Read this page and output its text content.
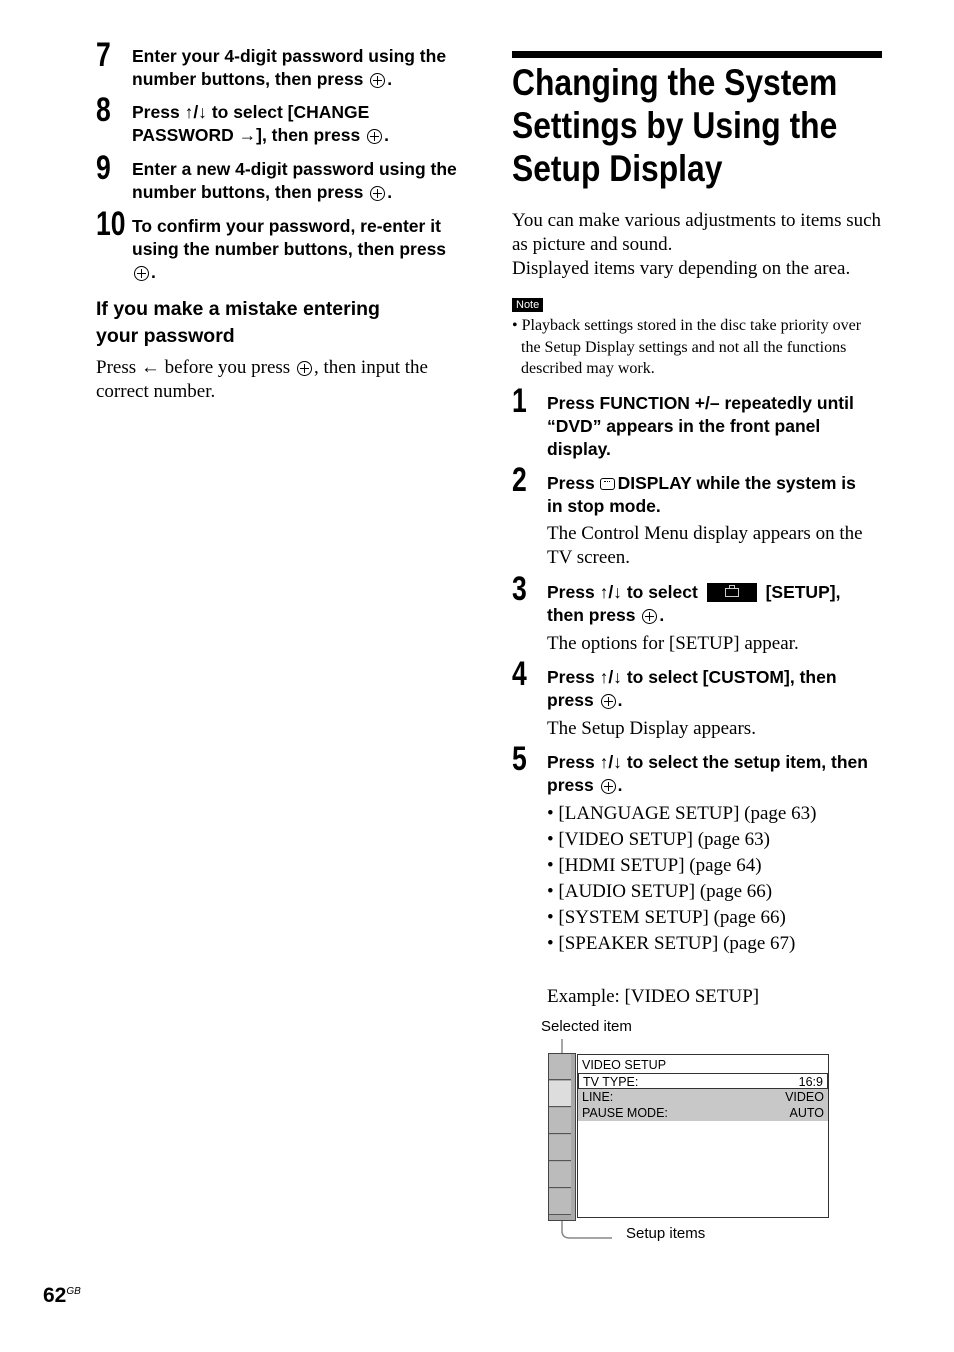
7 Enter your 4-digit password using the
number buttons, then press .
8 Press ↑/↓ to select [CHANGE
PASSWORD →], then press .
9 Enter a new 4-digit password using the
number buttons, then press .
10 To confirm your password, re-enter it
using the number buttons, then press
.
If you make a mistake entering
your password
Press ← before you press , then input the
correct number.
Changing the System
Settings by Using the
Setup Display
You can make various adjustments to items such
as picture and sound.
Displayed items vary depending on the area.
Note
• Playback settings stored in the disc take priority over
the Setup Display settings and not all the functions
described may work.
1 Press FUNCTION +/– repeatedly until
“DVD” appears in the front panel
display.
2 Press DISPLAY while the system is
in stop mode.
The Control Menu display appears on the
TV screen.
3 Press ↑/↓ to select	[SETUP],
then press .
The options for [SETUP] appear.
4 Press ↑/↓ to select [CUSTOM], then
press .
The Setup Display appears.
5 Press ↑/↓ to select the setup item, then
press .
• [LANGUAGE SETUP] (page 63)
• [VIDEO SETUP] (page 63)
• [HDMI SETUP] (page 64)
• [AUDIO SETUP] (page 66)
• [SYSTEM SETUP] (page 66)
• [SPEAKER SETUP] (page 67)
Example: [VIDEO SETUP]
Selected item
Setup items
VIDEO SETUP
TV TYPE:	16:9
LINE:	VIDEO
PAUSE MODE:	AUTO
$62^{GB}$
